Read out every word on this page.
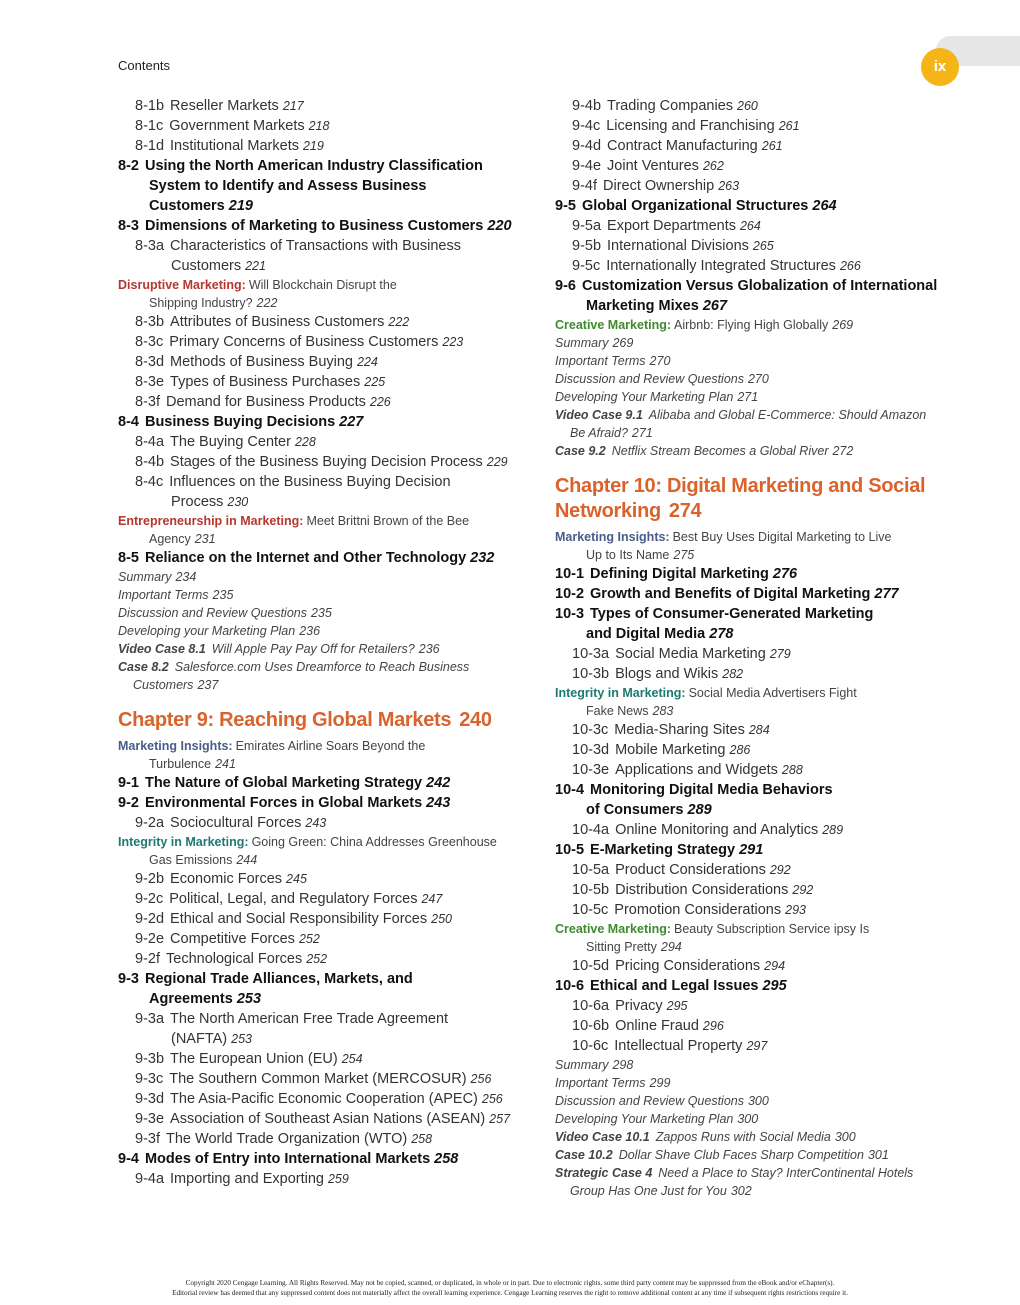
ix
Contents
8-1b Reseller Markets 217
8-1c Government Markets 218
8-1d Institutional Markets 219
8-2 Using the North American Industry Classification
System to Identify and Assess Business
Customers 219
8-3 Dimensions of Marketing to Business Customers 220
8-3a Characteristics of Transactions with Business
Customers 221
Disruptive Marketing: Will Blockchain Disrupt the
Shipping Industry? 222
8-3b Attributes of Business Customers 222
8-3c Primary Concerns of Business Customers 223
8-3d Methods of Business Buying 224
8-3e Types of Business Purchases 225
8-3f Demand for Business Products 226
8-4 Business Buying Decisions 227
8-4a The Buying Center 228
8-4b Stages of the Business Buying Decision Process 229
8-4c Influences on the Business Buying Decision
Process 230
Entrepreneurship in Marketing: Meet Brittni Brown of the Bee
Agency 231
8-5 Reliance on the Internet and Other Technology 232
Summary 234
Important Terms 235
Discussion and Review Questions 235
Developing your Marketing Plan 236
Video Case 8.1 Will Apple Pay Pay Off for Retailers? 236
Case 8.2 Salesforce.com Uses Dreamforce to Reach Business
Customers 237
Chapter 9: Reaching Global Markets 240
Marketing Insights: Emirates Airline Soars Beyond the
Turbulence 241
9-1 The Nature of Global Marketing Strategy 242
9-2 Environmental Forces in Global Markets 243
9-2a Sociocultural Forces 243
Integrity in Marketing: Going Green: China Addresses Greenhouse
Gas Emissions 244
9-2b Economic Forces 245
9-2c Political, Legal, and Regulatory Forces 247
9-2d Ethical and Social Responsibility Forces 250
9-2e Competitive Forces 252
9-2f Technological Forces 252
9-3 Regional Trade Alliances, Markets, and
Agreements 253
9-3a The North American Free Trade Agreement
(NAFTA) 253
9-3b The European Union (EU) 254
9-3c The Southern Common Market (MERCOSUR) 256
9-3d The Asia-Pacific Economic Cooperation (APEC) 256
9-3e Association of Southeast Asian Nations (ASEAN) 257
9-3f The World Trade Organization (WTO) 258
9-4 Modes of Entry into International Markets 258
9-4a Importing and Exporting 259
9-4b Trading Companies 260
9-4c Licensing and Franchising 261
9-4d Contract Manufacturing 261
9-4e Joint Ventures 262
9-4f Direct Ownership 263
9-5 Global Organizational Structures 264
9-5a Export Departments 264
9-5b International Divisions 265
9-5c Internationally Integrated Structures 266
9-6 Customization Versus Globalization of International
Marketing Mixes 267
Creative Marketing: Airbnb: Flying High Globally 269
Summary 269
Important Terms 270
Discussion and Review Questions 270
Developing Your Marketing Plan 271
Video Case 9.1 Alibaba and Global E-Commerce: Should Amazon
Be Afraid? 271
Case 9.2 Netflix Stream Becomes a Global River 272
Chapter 10: Digital Marketing and Social
Networking 274
Marketing Insights: Best Buy Uses Digital Marketing to Live
Up to Its Name 275
10-1 Defining Digital Marketing 276
10-2 Growth and Benefits of Digital Marketing 277
10-3 Types of Consumer-Generated Marketing
and Digital Media 278
10-3a Social Media Marketing 279
10-3b Blogs and Wikis 282
Integrity in Marketing: Social Media Advertisers Fight
Fake News 283
10-3c Media-Sharing Sites 284
10-3d Mobile Marketing 286
10-3e Applications and Widgets 288
10-4 Monitoring Digital Media Behaviors
of Consumers 289
10-4a Online Monitoring and Analytics 289
10-5 E-Marketing Strategy 291
10-5a Product Considerations 292
10-5b Distribution Considerations 292
10-5c Promotion Considerations 293
Creative Marketing: Beauty Subscription Service ipsy Is
Sitting Pretty 294
10-5d Pricing Considerations 294
10-6 Ethical and Legal Issues 295
10-6a Privacy 295
10-6b Online Fraud 296
10-6c Intellectual Property 297
Summary 298
Important Terms 299
Discussion and Review Questions 300
Developing Your Marketing Plan 300
Video Case 10.1 Zappos Runs with Social Media 300
Case 10.2 Dollar Shave Club Faces Sharp Competition 301
Strategic Case 4 Need a Place to Stay? InterContinental Hotels
Group Has One Just for You 302
Copyright 2020 Cengage Learning. All Rights Reserved. May not be copied, scanned, or duplicated, in whole or in part. Due to electronic rights, some third party content may be suppressed from the eBook and/or eChapter(s).
Editorial review has deemed that any suppressed content does not materially affect the overall learning experience. Cengage Learning reserves the right to remove additional content at any time if subsequent rights restrictions require it.
